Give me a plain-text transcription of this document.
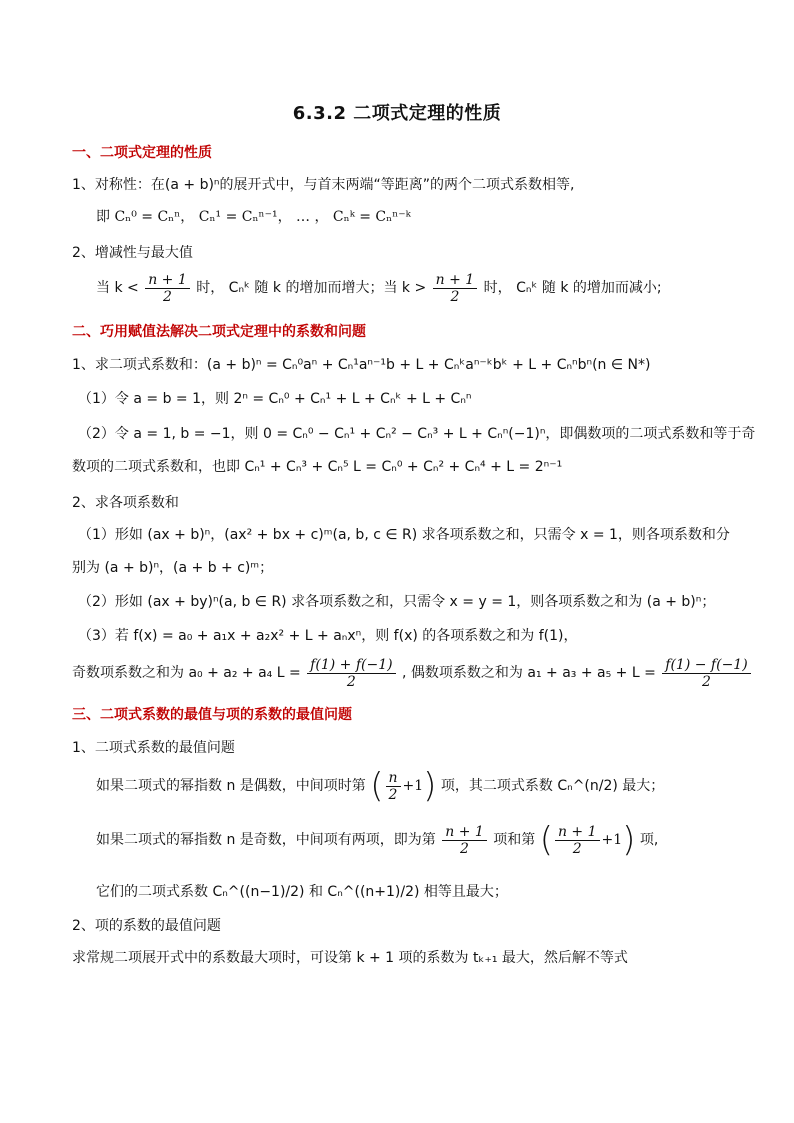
6.3.2 二项式定理的性质
一、二项式定理的性质
1、对称性：在(a + b)ⁿ的展开式中，与首末两端“等距离”的两个二项式系数相等,
即 Cₙ⁰ = Cₙⁿ， Cₙ¹ = Cₙⁿ⁻¹， … ， Cₙᵏ = Cₙⁿ⁻ᵏ
2、增减性与最大值
当 $k < \frac{n + 1}{2}$ 时， Cₙᵏ 随 k 的增加而增大；当 $k > \frac{n + 1}{2}$ 时， Cₙᵏ 随 k 的增加而减小;
二、巧用赋值法解决二项式定理中的系数和问题
1、求二项式系数和：(a + b)ⁿ = Cₙ⁰aⁿ + Cₙ¹aⁿ⁻¹b + L + Cₙᵏaⁿ⁻ᵏbᵏ + L + Cₙⁿbⁿ(n ∈ N*)
（1）令 a = b = 1，则 2ⁿ = Cₙ⁰ + Cₙ¹ + L + Cₙᵏ + L + Cₙⁿ
（2）令 a = 1, b = −1，则 0 = Cₙ⁰ − Cₙ¹ + Cₙ² − Cₙ³ + L + Cₙⁿ(−1)ⁿ，即偶数项的二项式系数和等于奇
数项的二项式系数和，也即 Cₙ¹ + Cₙ³ + Cₙ⁵ L = Cₙ⁰ + Cₙ² + Cₙ⁴ + L = 2ⁿ⁻¹
2、求各项系数和
（1）形如 (ax + b)ⁿ，(ax² + bx + c)ᵐ(a, b, c ∈ R) 求各项系数之和，只需令 x = 1，则各项系数和分
别为 (a + b)ⁿ，(a + b + c)ᵐ；
（2）形如 (ax + by)ⁿ(a, b ∈ R) 求各项系数之和，只需令 x = y = 1，则各项系数之和为 (a + b)ⁿ；
（3）若 f(x) = a₀ + a₁x + a₂x² + L + aₙxⁿ，则 f(x) 的各项系数之和为 f(1)，
奇数项系数之和为 a₀ + a₂ + a₄ $L = \frac{f(1) + f(-1)}{2}$ , 偶数项系数之和为 $a_1 + a_3 + a_5 + L = \frac{f(1) - f(-1)}{2}$
三、二项式系数的最值与项的系数的最值问题
1、二项式系数的最值问题
如果二项式的幂指数 n 是偶数，中间项时第 ( $\frac{n}{2} +1$) 项，其二项式系数 Cₙ^(n/2) 最大；
如果二项式的幂指数 n 是奇数，中间项有两项，即为第 $\frac{n + 1}{2}$ 项和第 ( $\frac{n + 1}{2} +1$) 项,
它们的二项式系数 Cₙ^((n−1)/2) 和 Cₙ^((n+1)/2) 相等且最大；
2、项的系数的最值问题
求常规二项展开式中的系数最大项时，可设第 k + 1 项的系数为 tₖ₊₁ 最大，然后解不等式
